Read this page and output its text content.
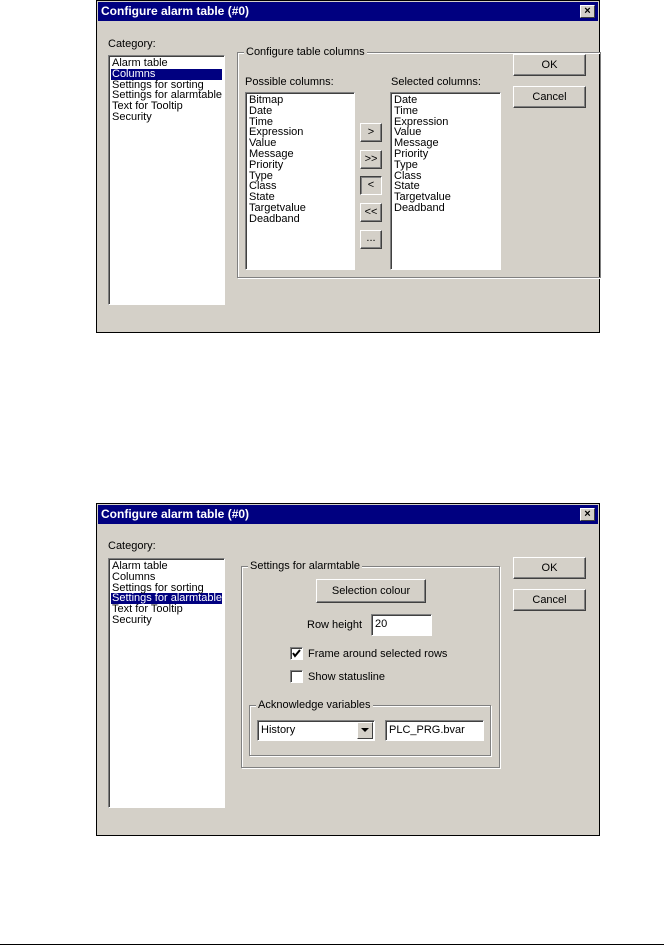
Configure alarm table (#0)	×
Category:
Alarm table
Columns
Settings for sorting
Settings for alarmtable
Text for Tooltip
Security
Configure table columns
Possible columns:
Bitmap
Date
Time
Expression
Value
Message
Priority
Type
Class
State
Targetvalue
Deadband
>
>>
<
<<
...
Selected columns:
Date
Time
Expression
Value
Message
Priority
Type
Class
State
Targetvalue
Deadband
OK
Cancel
Configure alarm table (#0)	×
Category:
Alarm table
Columns
Settings for sorting
Settings for alarmtable
Text for Tooltip
Security
Settings for alarmtable
Selection colour
Row height	20
Frame around selected rows
Show statusline
Acknowledge variables
History	PLC_PRG.bvar
OK
Cancel
